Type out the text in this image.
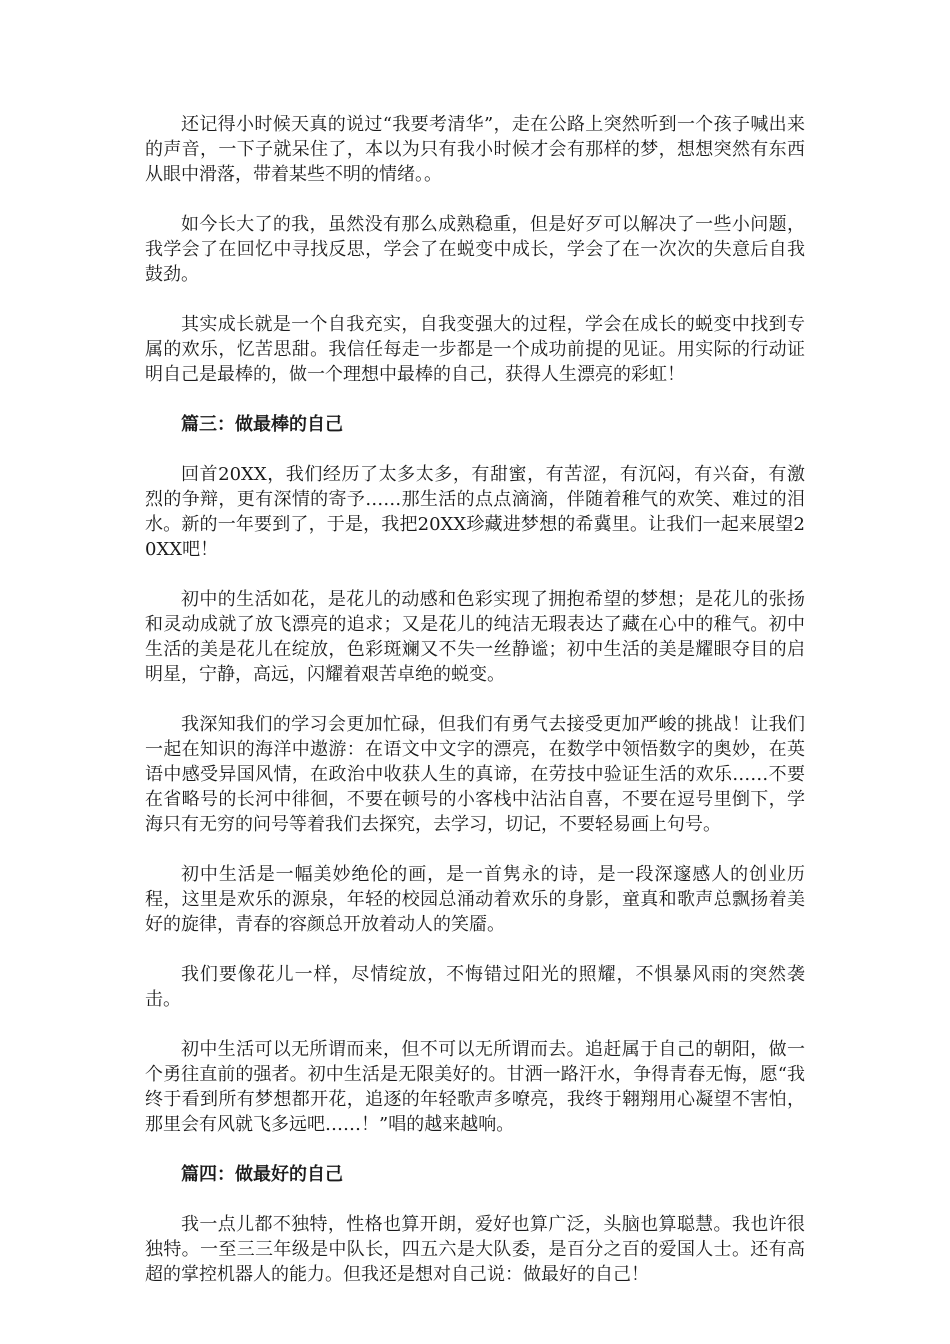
还记得小时候天真的说过“我要考清华”，走在公路上突然听到一个孩子喊出来的声音，一下子就呆住了，本以为只有我小时候才会有那样的梦，想想突然有东西从眼中滑落，带着某些不明的情绪。。

如今长大了的我，虽然没有那么成熟稳重，但是好歹可以解决了一些小问题，我学会了在回忆中寻找反思，学会了在蜕变中成长，学会了在一次次的失意后自我鼓劲。

其实成长就是一个自我充实，自我变强大的过程，学会在成长的蜕变中找到专属的欢乐，忆苦思甜。我信任每走一步都是一个成功前提的见证。用实际的行动证明自己是最棒的，做一个理想中最棒的自己，获得人生漂亮的彩虹！

篇三：做最棒的自己

回首20XX，我们经历了太多太多，有甜蜜，有苦涩，有沉闷，有兴奋，有激烈的争辩，更有深情的寄予……那生活的点点滴滴，伴随着稚气的欢笑、难过的泪水。新的一年要到了，于是，我把20XX珍藏进梦想的希冀里。让我们一起来展望20XX吧！

初中的生活如花，是花儿的动感和色彩实现了拥抱希望的梦想；是花儿的张扬和灵动成就了放飞漂亮的追求；又是花儿的纯洁无瑕表达了藏在心中的稚气。初中生活的美是花儿在绽放，色彩斑斓又不失一丝静谧；初中生活的美是耀眼夺目的启明星，宁静，高远，闪耀着艰苦卓绝的蜕变。

我深知我们的学习会更加忙碌，但我们有勇气去接受更加严峻的挑战！让我们一起在知识的海洋中遨游：在语文中文字的漂亮，在数学中领悟数字的奥妙，在英语中感受异国风情，在政治中收获人生的真谛，在劳技中验证生活的欢乐……不要在省略号的长河中徘徊，不要在顿号的小客栈中沾沾自喜，不要在逗号里倒下，学海只有无穷的问号等着我们去探究，去学习，切记，不要轻易画上句号。

初中生活是一幅美妙绝伦的画，是一首隽永的诗，是一段深邃感人的创业历程，这里是欢乐的源泉，年轻的校园总涌动着欢乐的身影，童真和歌声总飘扬着美好的旋律，青春的容颜总开放着动人的笑靥。

我们要像花儿一样，尽情绽放，不悔错过阳光的照耀，不惧暴风雨的突然袭击。

初中生活可以无所谓而来，但不可以无所谓而去。追赶属于自己的朝阳，做一个勇往直前的强者。初中生活是无限美好的。甘洒一路汗水，争得青春无悔，愿“我终于看到所有梦想都开花，追逐的年轻歌声多嘹亮，我终于翱翔用心凝望不害怕，那里会有风就飞多远吧……！”唱的越来越响。

篇四：做最好的自己

我一点儿都不独特，性格也算开朗，爱好也算广泛，头脑也算聪慧。我也许很独特。一至三三年级是中队长，四五六是大队委，是百分之百的爱国人士。还有高超的掌控机器人的能力。但我还是想对自己说：做最好的自己！
